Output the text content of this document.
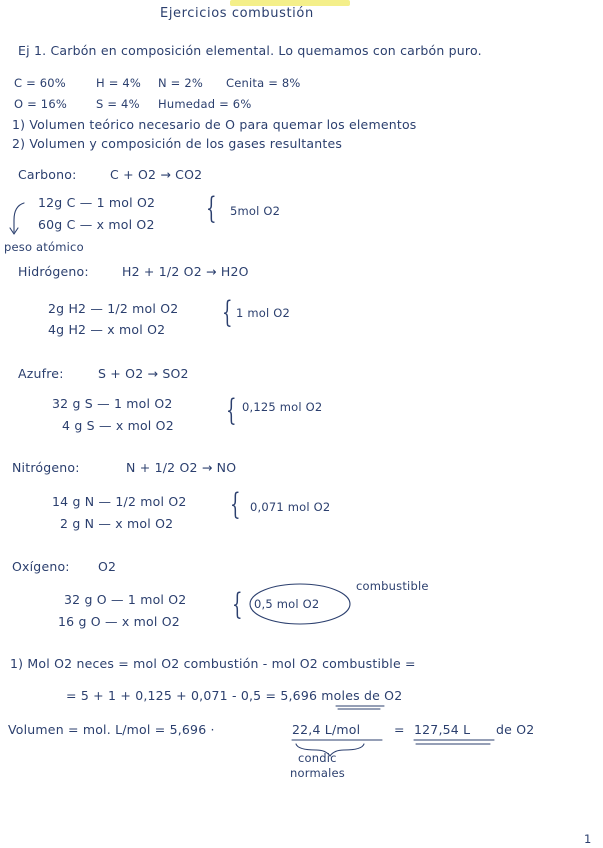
Ejercicios combustión
Ej 1. Carbón en composición elemental. Lo quemamos con carbón puro.
C = 60%	H = 4% N = 2% Cenita = 8%
O = 16%	S = 4% Humedad = 6%
1) Volumen teórico necesario de O para quemar los elementos
2) Volumen y composición de los gases resultantes
Carbono:	C + O2 → CO2
12g C — 1 mol O2
60g C — x mol O2 { 5mol O2
peso atómico
Hidrógeno:	H2 + 1/2 O2 → H2O
2g H2 — 1/2 mol O2
4g H2 — x mol O2 { 1 mol O2
Azufre:	S + O2 → SO2
32 g S — 1 mol O2
4 g S — x mol O2 { 0,125 mol O2
Nitrógeno:	N + 1/2 O2 → NO
14 g N — 1/2 mol O2
2 g N — x mol O2
{ 0,071 mol O2
Oxígeno: O2
32 g O — 1 mol O2
16 g O — x mol O2 { 0,5 mol O2
combustible
1) Mol O2 neces = mol O2 combustión - mol O2 combustible =
= 5 + 1 + 0,125 + 0,071 - 0,5 = 5,696 moles de O2
Volumen = mol. L/mol = 5,696 ·	22,4 L/mol	= 127,54 L de O2
condic
normales
1
